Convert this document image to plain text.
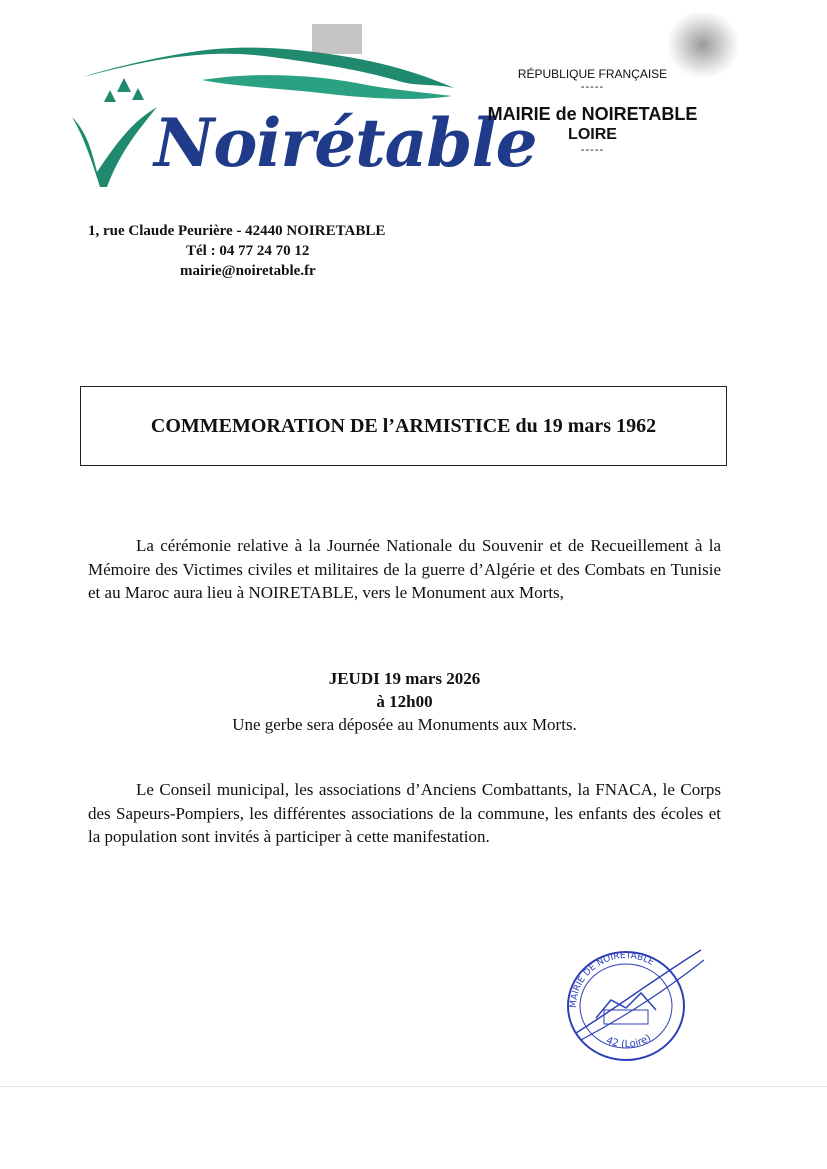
Noirétable
RÉPUBLIQUE FRANÇAISE
-----
MAIRIE de NOIRETABLE
LOIRE
-----
1, rue Claude Peurière - 42440 NOIRETABLE
Tél : 04 77 24 70 12
mairie@noiretable.fr
COMMEMORATION DE l’ARMISTICE du 19 mars 1962
La cérémonie relative à la Journée Nationale du Souvenir et de Recueillement à la Mémoire des Victimes civiles et militaires de la guerre d’Algérie et des Combats en Tunisie et au Maroc aura lieu à NOIRETABLE, vers le Monument aux Morts,
JEUDI 19 mars 2026
à 12h00
Une gerbe sera déposée au Monuments aux Morts.
Le Conseil municipal, les associations d’Anciens Combattants, la FNACA, le Corps des Sapeurs-Pompiers, les différentes associations de la commune, les enfants des écoles et la population sont invités à participer à cette manifestation.
MAIRIE DE NOIRETABLE
42 (Loire)
